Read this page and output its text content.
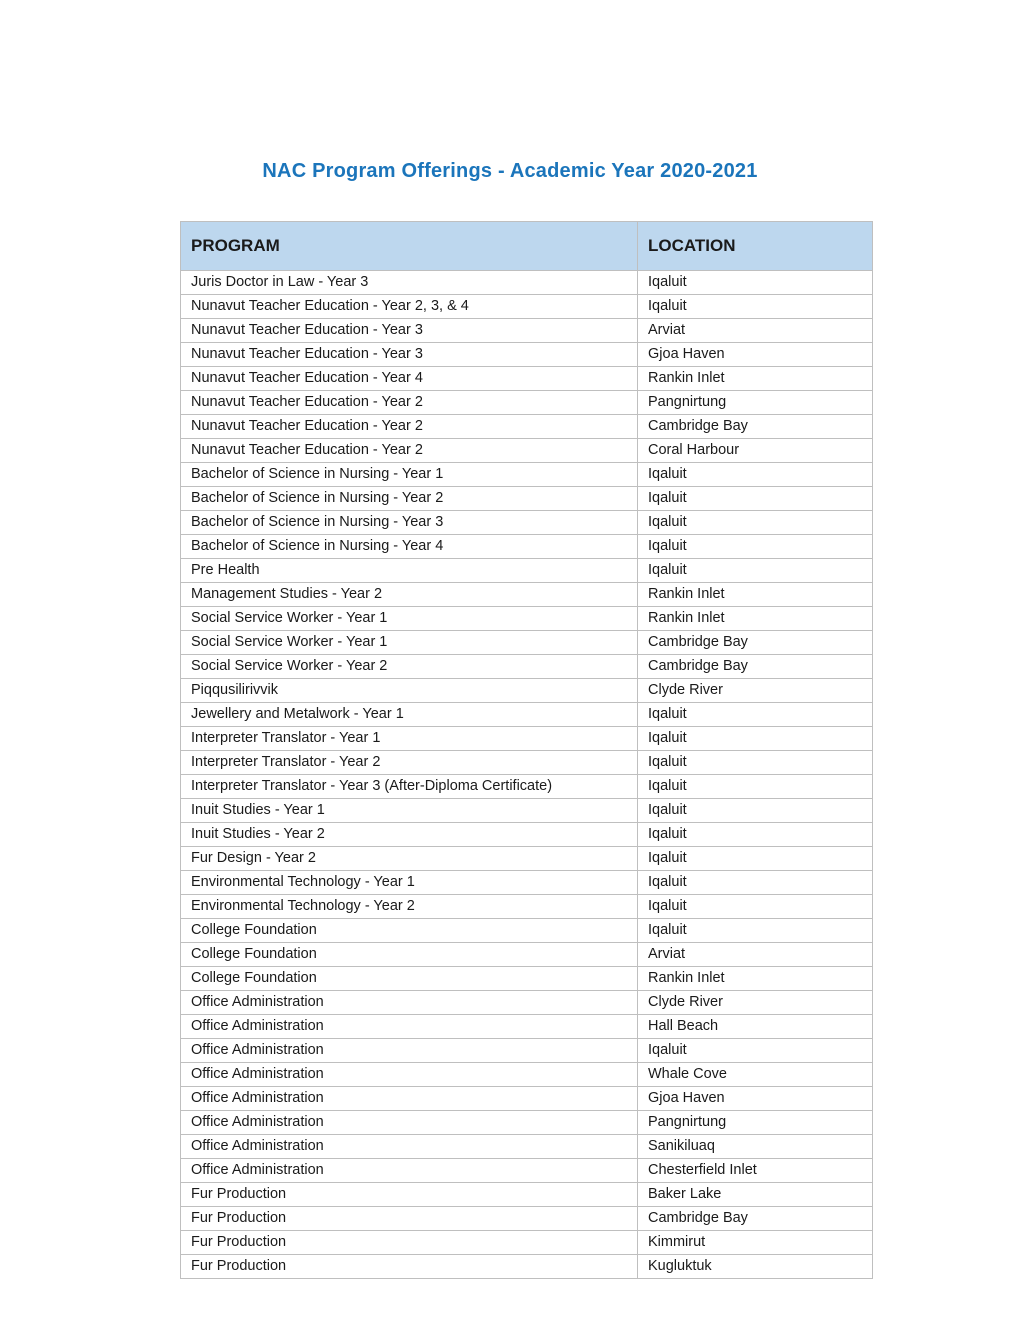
NAC Program Offerings - Academic Year 2020-2021
PROGRAM	LOCATION
Juris Doctor in Law - Year 3	Iqaluit
Nunavut Teacher Education - Year 2, 3, & 4	Iqaluit
Nunavut Teacher Education - Year 3	Arviat
Nunavut Teacher Education - Year 3	Gjoa Haven
Nunavut Teacher Education - Year 4	Rankin Inlet
Nunavut Teacher Education - Year 2	Pangnirtung
Nunavut Teacher Education - Year 2	Cambridge Bay
Nunavut Teacher Education - Year 2	Coral Harbour
Bachelor of Science in Nursing - Year 1	Iqaluit
Bachelor of Science in Nursing - Year 2	Iqaluit
Bachelor of Science in Nursing - Year 3	Iqaluit
Bachelor of Science in Nursing - Year 4	Iqaluit
Pre Health	Iqaluit
Management Studies - Year 2	Rankin Inlet
Social Service Worker - Year 1	Rankin Inlet
Social Service Worker - Year 1	Cambridge Bay
Social Service Worker - Year 2	Cambridge Bay
Piqqusilirivvik	Clyde River
Jewellery and Metalwork - Year 1	Iqaluit
Interpreter Translator - Year 1	Iqaluit
Interpreter Translator - Year 2	Iqaluit
Interpreter Translator - Year 3 (After-Diploma Certificate)	Iqaluit
Inuit Studies - Year 1	Iqaluit
Inuit Studies - Year 2	Iqaluit
Fur Design - Year 2	Iqaluit
Environmental Technology - Year 1	Iqaluit
Environmental Technology - Year 2	Iqaluit
College Foundation	Iqaluit
College Foundation	Arviat
College Foundation	Rankin Inlet
Office Administration	Clyde River
Office Administration	Hall Beach
Office Administration	Iqaluit
Office Administration	Whale Cove
Office Administration	Gjoa Haven
Office Administration	Pangnirtung
Office Administration	Sanikiluaq
Office Administration	Chesterfield Inlet
Fur Production	Baker Lake
Fur Production	Cambridge Bay
Fur Production	Kimmirut
Fur Production	Kugluktuk
